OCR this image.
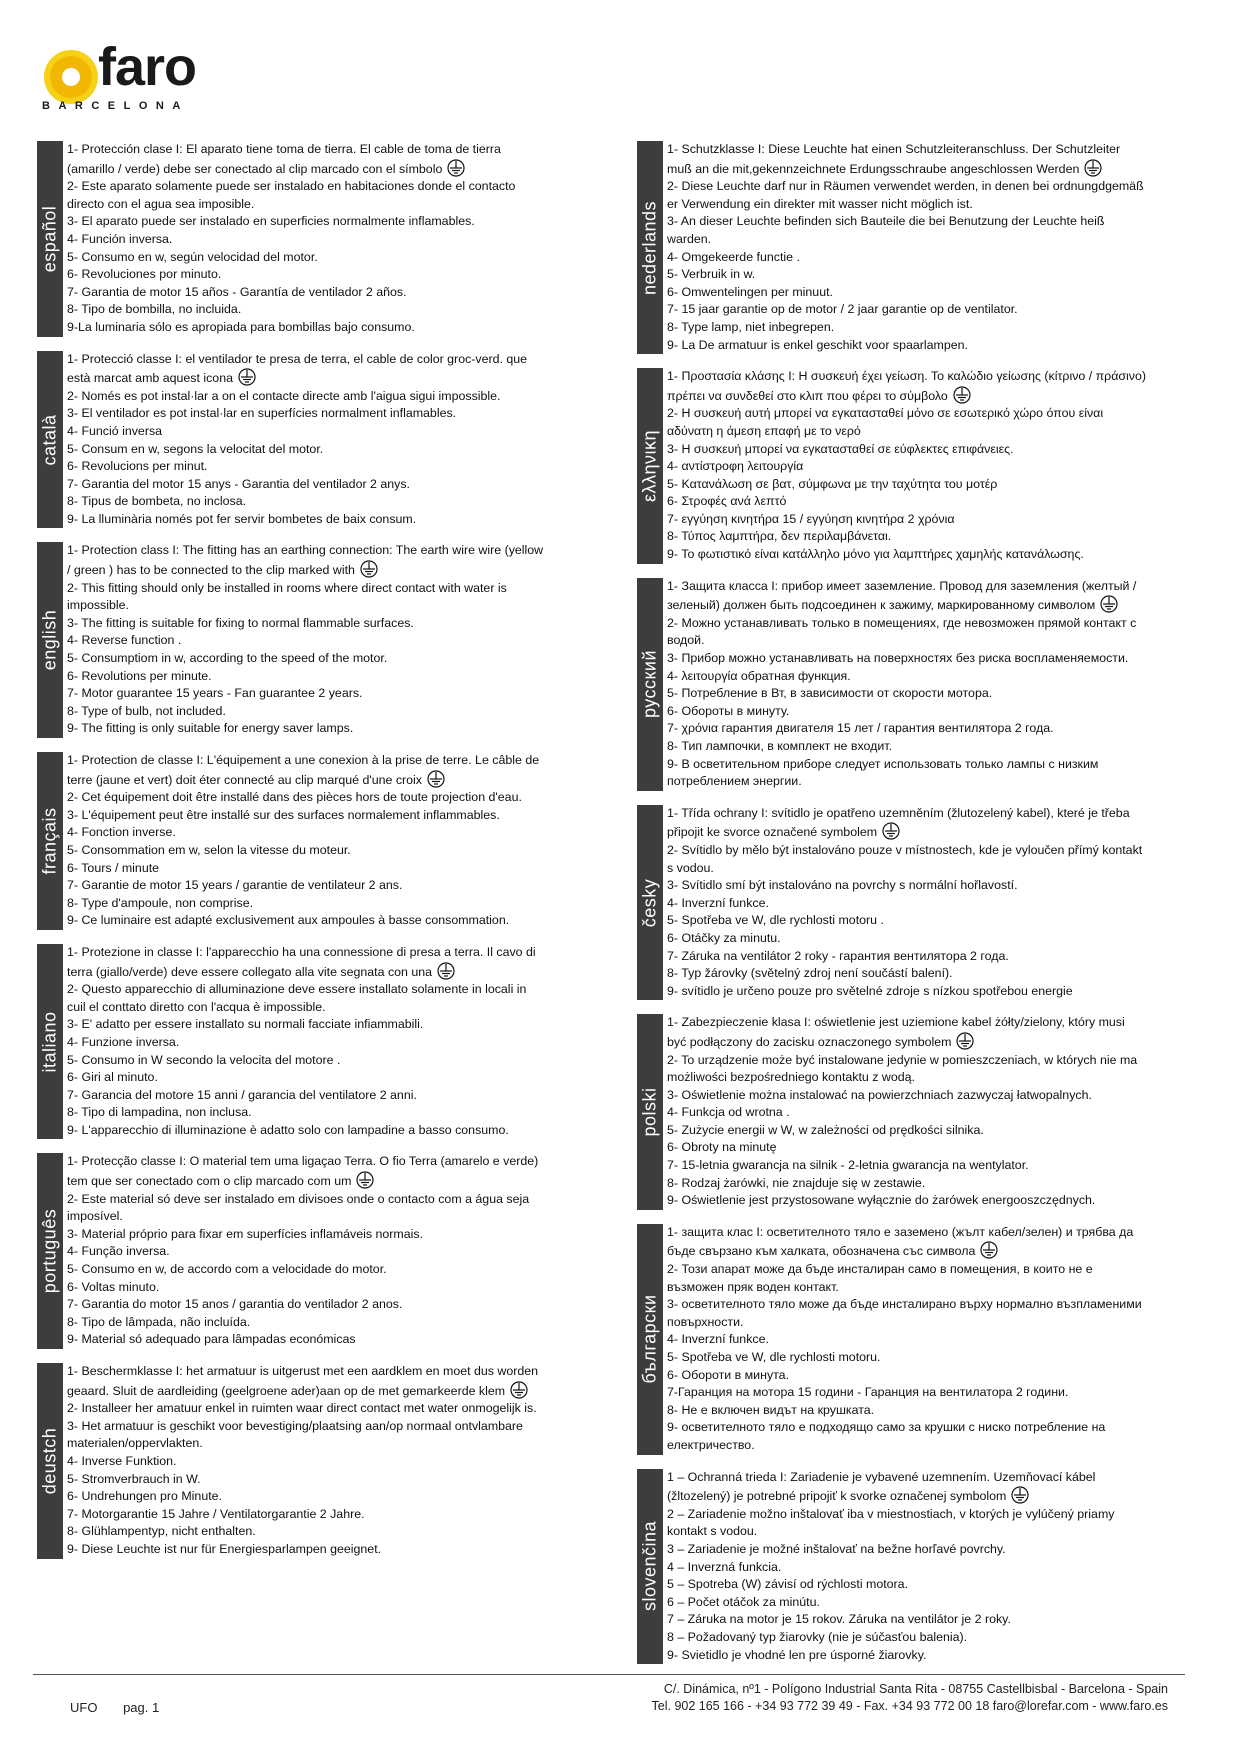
faro
BARCELONA
español
1- Protección clase I: El aparato tiene toma de tierra. El cable de toma de tierra (amarillo / verde) debe ser conectado al clip marcado con el símbolo
2- Este aparato solamente puede ser instalado en habitaciones donde el contacto directo con el agua sea imposible.
3- El aparato puede ser instalado en superficies normalmente inflamables.
4- Función inversa.
5- Consumo en w, según velocidad del motor.
6- Revoluciones por minuto.
7- Garantia de motor 15 años - Garantía de ventilador 2 años.
8- Tipo de bombilla, no incluida.
9-La luminaria sólo es apropiada para bombillas bajo consumo.
català
1- Protecció classe I: el ventilador te presa de terra, el cable de color groc-verd. que està marcat amb aquest icona
2- Només es pot instal·lar a on el contacte directe amb l'aigua sigui impossible.
3- El ventilador es pot instal·lar en superfícies normalment inflamables.
4- Funció inversa
5- Consum en w, segons la velocitat del motor.
6- Revolucions per minut.
7- Garantia del motor 15 anys - Garantia del ventilador 2 anys.
8- Tipus de bombeta, no inclosa.
9- La lluminària només pot fer servir bombetes de baix consum.
english
1- Protection class I: The fitting has an earthing connection: The earth wire wire (yellow / green ) has to be connected to the clip marked with
2- This fitting should only be installed in rooms where direct contact with water is impossible.
3- The fitting is suitable for fixing to normal flammable surfaces.
4- Reverse function .
5- Consumptiom in w, according to the speed of the motor.
6- Revolutions per minute.
7- Motor guarantee 15 years - Fan guarantee 2 years.
8- Type of bulb, not included.
9- The fitting is only suitable for energy saver lamps.
français
1- Protection de classe I: L'équipement a une conexion à la prise de terre. Le câble de terre (jaune et vert) doit éter connecté au clip marqué d'une croix
2- Cet équipement doit être installé dans des pièces hors de toute projection d'eau.
3- L'équipement peut être installé sur des surfaces normalement inflammables.
4- Fonction inverse.
5- Consommation em w, selon la vitesse du moteur.
6- Tours / minute
7- Garantie de motor 15 years / garantie de ventilateur 2 ans.
8- Type d'ampoule, non comprise.
9- Ce luminaire est adapté exclusivement aux ampoules à basse consommation.
italiano
1- Protezione in classe I: l'apparecchio ha una connessione di presa a terra. Il cavo di terra (giallo/verde) deve essere collegato alla vite segnata con una
2- Questo apparecchio di alluminazione deve essere installato solamente in locali in cuil el conttato diretto con l'acqua è impossible.
3- E' adatto per essere installato su normali facciate infiammabili.
4- Funzione inversa.
5- Consumo in W secondo la velocita del motore .
6- Giri al minuto.
7- Garancia del motore 15 anni / garancia del ventilatore 2 anni.
8- Tipo di lampadina, non inclusa.
9- L'apparecchio di illuminazione è adatto solo con lampadine a basso consumo.
português
1- Protecção classe I: O material tem uma ligaçao Terra. O fio Terra (amarelo e verde) tem que ser conectado com o clip marcado com um
2- Este material só deve ser instalado em divisoes onde o contacto com a água seja imposível.
3- Material próprio para fixar em superfícies inflamáveis normais.
4- Função inversa.
5- Consumo en w, de accordo com a velocidade do motor.
6- Voltas minuto.
7- Garantia do motor 15 anos / garantia do ventilador 2 anos.
8- Tipo de lâmpada, não incluída.
9- Material só adequado para lâmpadas económicas
deustch
1- Beschermklasse I: het armatuur is uitgerust met een aardklem en moet dus worden geaard. Sluit de aardleiding (geelgroene ader)aan op de met gemarkeerde klem
2- Installeer her amatuur enkel in ruimten waar direct contact met water onmogelijk is.
3- Het armatuur is geschikt voor bevestiging/plaatsing aan/op normaal ontvlambare materialen/oppervlakten.
4- Inverse Funktion.
5- Stromverbrauch in W.
6- Undrehungen pro Minute.
7- Motorgarantie 15 Jahre / Ventilatorgarantie 2 Jahre.
8- Glühlampentyp, nicht enthalten.
9- Diese Leuchte ist nur für Energiesparlampen geeignet.
nederlands
1- Schutzklasse I: Diese Leuchte hat einen Schutzleiteranschluss. Der Schutzleiter muß an die mit,gekennzeichnete Erdungsschraube angeschlossen Werden
2- Diese Leuchte darf nur in Räumen verwendet werden, in denen bei ordnungdgemäß er Verwendung ein direkter mit wasser nicht möglich ist.
3- An dieser Leuchte befinden sich Bauteile die bei Benutzung der Leuchte heiß warden.
4- Omgekeerde functie .
5- Verbruik in w.
6- Omwentelingen per minuut.
7- 15 jaar garantie op de motor / 2 jaar garantie op de ventilator.
8- Type lamp, niet inbegrepen.
9- La De armatuur is enkel geschikt voor spaarlampen.
ελληνικη
1- Προστασία κλάσης I: Η συσκευή έχει γείωση. Το καλώδιο γείωσης (κίτρινο / πράσινο) πρέπει να συνδεθεί στο κλιπ που φέρει το σύμβολο
2- Η συσκευή αυτή μπορεί να εγκατασταθεί μόνο σε εσωτερικό χώρο όπου είναι αδύνατη η άμεση επαφή με το νερό
3- Η συσκευή μπορεί να εγκατασταθεί σε εύφλεκτες επιφάνειες.
4- αντίστροφη λειτουργία
5- Κατανάλωση σε βατ, σύμφωνα με την ταχύτητα του μοτέρ
6- Στροφές ανά λεπτό
7- εγγύηση κινητήρα 15 / εγγύηση κινητήρα 2 χρόνια
8- Τύπος λαμπτήρα, δεν περιλαμβάνεται.
9- Το φωτιστικό είναι κατάλληλο μόνο για λαμπτήρες χαμηλής κατανάλωσης.
русский
1- Защита класса I: прибор имеет заземление. Провод для заземления (желтый / зеленый) должен быть подсоединен к зажиму, маркированному символом
2- Можно устанавливать только в помещениях, где невозможен прямой контакт с водой.
3- Прибор можно устанавливать на поверхностях без риска воспламеняемости.
4- λειτουργία обратная функция.
5- Потребление в Вт, в зависимости от скорости мотора.
6- Обороты в минуту.
7- χρόνια гарантия двигателя 15 лет / гарантия вентилятора 2 года.
8- Тип лампочки, в комплект не входит.
9- В осветительном приборе следует использовать только лампы с низким потреблением энергии.
česky
1- Třída ochrany I: svítidlo je opatřeno uzemněním (žlutozelený kabel), které je třeba připojit ke svorce označené symbolem
2- Svítidlo by mělo být instalováno pouze v místnostech, kde je vyloučen přímý kontakt s vodou.
3- Svítidlo smí být instalováno na povrchy s normální hořlavostí.
4- Inverzní funkce.
5- Spotřeba ve W, dle rychlosti motoru .
6- Otáčky za minutu.
7- Záruka na ventilátor 2 roky - гарантия вентилятора 2 года.
8- Typ žárovky (světelný zdroj není součástí balení).
9- svítidlo je určeno pouze pro světelné zdroje s nízkou spotřebou energie
polski
1- Zabezpieczenie klasa I: oświetlenie jest uziemione kabel żółty/zielony, który musi być podłączony do zacisku oznaczonego symbolem
2- To urządzenie może być instalowane jedynie w pomieszczeniach, w których nie ma możliwości bezpośredniego kontaktu z wodą.
3- Oświetlenie można instalować na powierzchniach zazwyczaj łatwopalnych.
4- Funkcja od wrotna .
5- Zużycie energii w W, w zależności od prędkości silnika.
6- Obroty na minutę
7- 15-letnia gwarancja na silnik - 2-letnia gwarancja na wentylator.
8- Rodzaj żarówki, nie znajduje się w zestawie.
9- Oświetlenie jest przystosowane wyłącznie do żarówek energooszczędnych.
български
1- защита клас I: осветителното тяло е заземено (жълт кабел/зелен) и трябва да бъде свързано към халката, обозначена със символа
2- Този апарат може да бъде инсталиран само в помещения, в които не е възможен пряк воден контакт.
3- осветителното тяло може да бъде инсталирано върху нормално възпламеними повърхности.
4- Inverzní funkce.
5- Spotřeba ve W, dle rychlosti motoru.
6- Обороти в минута.
7-Гаранция на мотора 15 години - Гаранция на вентилатора 2 години.
8- Не е включен видът на крушката.
9- осветителното тяло е подходящо само за крушки с ниско потребление на електричество.
slovenčina
1 – Ochranná trieda I: Zariadenie je vybavené uzemnením. Uzemňovací kábel (žltozelený) je potrebné pripojiť k svorke označenej symbolom
2 – Zariadenie možno inštalovať iba v miestnostiach, v ktorých je vylúčený priamy kontakt s vodou.
3 – Zariadenie je možné inštalovať na bežne horľavé povrchy.
4 – Inverzná funkcia.
5 – Spotreba (W) závisí od rýchlosti motora.
6 – Počet otáčok za minútu.
7 – Záruka na motor je 15 rokov. Záruka na ventilátor je 2 roky.
8 – Požadovaný typ žiarovky (nie je súčasťou balenia).
9- Svietidlo je vhodné len pre úsporné žiarovky.
UFO pag. 1
C/. Dinámica, nº1 - Polígono Industrial Santa Rita - 08755 Castellbisbal - Barcelona - Spain
Tel. 902 165 166 - +34 93 772 39 49 - Fax. +34 93 772 00 18 faro@lorefar.com - www.faro.es
